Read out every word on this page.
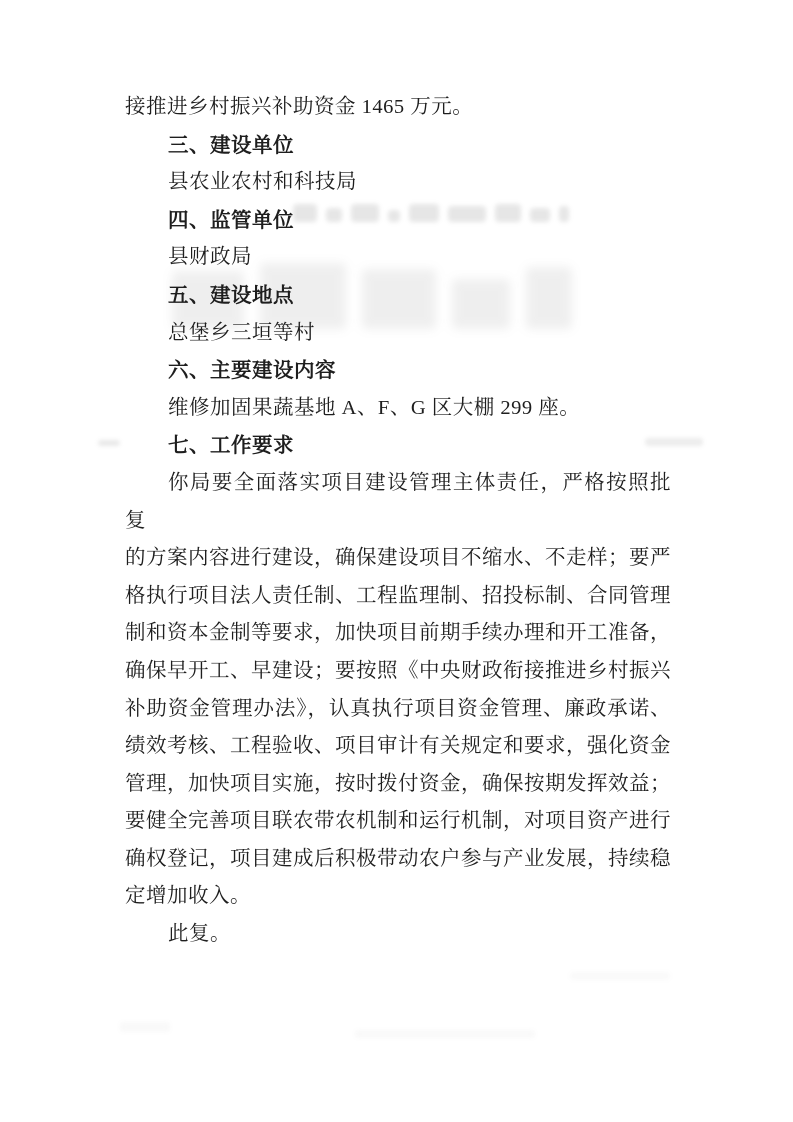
接推进乡村振兴补助资金 1465 万元。

三、建设单位

县农业农村和科技局

四、监管单位

县财政局

五、建设地点

总堡乡三垣等村

六、主要建设内容

维修加固果蔬基地 A、F、G 区大棚 299 座。

七、工作要求

你局要全面落实项目建设管理主体责任，严格按照批复

的方案内容进行建设，确保建设项目不缩水、不走样；要严

格执行项目法人责任制、工程监理制、招投标制、合同管理

制和资本金制等要求，加快项目前期手续办理和开工准备，

确保早开工、早建设；要按照《中央财政衔接推进乡村振兴

补助资金管理办法》，认真执行项目资金管理、廉政承诺、

绩效考核、工程验收、项目审计有关规定和要求，强化资金

管理，加快项目实施，按时拨付资金，确保按期发挥效益；

要健全完善项目联农带农机制和运行机制，对项目资产进行

确权登记，项目建成后积极带动农户参与产业发展，持续稳

定增加收入。

此复。
